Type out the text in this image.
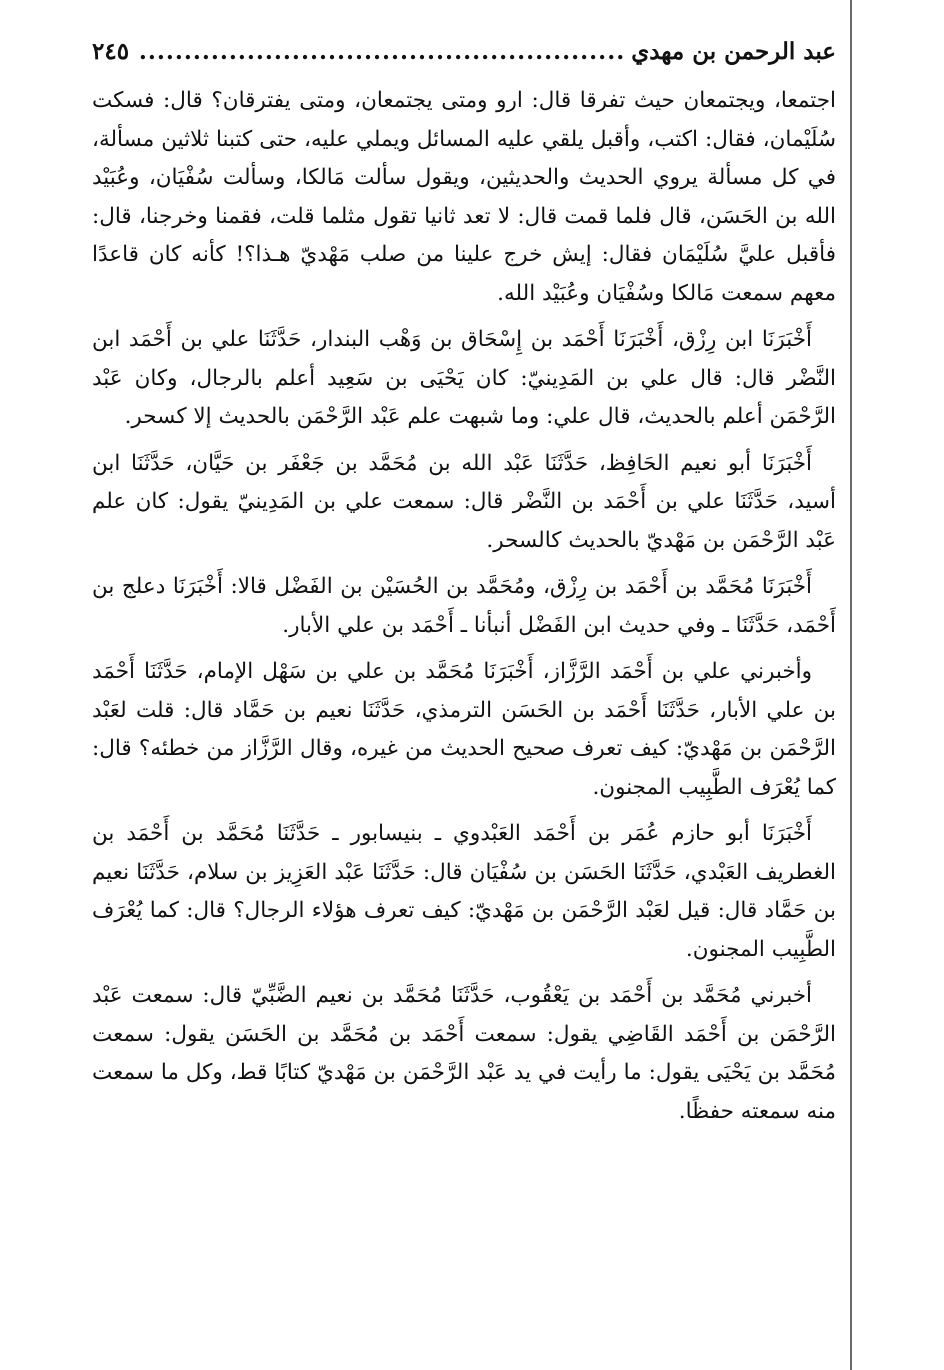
عبد الرحمن بن مهدي
......................................................
٢٤٥

اجتمعا، ويجتمعان حيث تفرقا قال: ارو ومتى يجتمعان، ومتى يفترقان؟ قال: فسكت سُلَيْمان، فقال: اكتب، وأقبل يلقي عليه المسائل ويملي عليه، حتى كتبنا ثلاثين مسألة، في كل مسألة يروي الحديث والحديثين، ويقول سألت مَالكا، وسألت سُفْيَان، وعُبَيْد الله بن الحَسَن، قال فلما قمت قال: لا تعد ثانيا تقول مثلما قلت، فقمنا وخرجنا، قال: فأقبل عليَّ سُلَيْمَان فقال: إيش خرج علينا من صلب مَهْديّ هـذا؟! كأنه كان قاعدًا معهم سمعت مَالكا وسُفْيَان وعُبَيْد الله.

أَخْبَرَنَا ابن رِزْق، أَخْبَرَنَا أَحْمَد بن إِسْحَاق بن وَهْب البندار، حَدَّثَنَا علي بن أَحْمَد ابن النَّضْر قال: قال علي بن المَدِينيّ: كان يَحْيَى بن سَعِيد أعلم بالرجال، وكان عَبْد الرَّحْمَن أعلم بالحديث، قال علي: وما شبهت علم عَبْد الرَّحْمَن بالحديث إلا كسحر.

أَخْبَرَنَا أبو نعيم الحَافِظ، حَدَّثَنَا عَبْد الله بن مُحَمَّد بن جَعْفَر بن حَيَّان، حَدَّثَنَا ابن أسيد، حَدَّثَنَا علي بن أَحْمَد بن النَّضْر قال: سمعت علي بن المَدِينيّ يقول: كان علم عَبْد الرَّحْمَن بن مَهْديّ بالحديث كالسحر.

أَخْبَرَنَا مُحَمَّد بن أَحْمَد بن رِزْق، ومُحَمَّد بن الحُسَيْن بن الفَضْل قالا: أَخْبَرَنَا دعلج بن أَحْمَد، حَدَّثَنَا ـ وفي حديث ابن الفَضْل أنبأنا ـ أَحْمَد بن علي الأبار.

وأخبرني علي بن أَحْمَد الرَّزَّاز، أَخْبَرَنَا مُحَمَّد بن علي بن سَهْل الإمام، حَدَّثَنَا أَحْمَد بن علي الأبار، حَدَّثَنَا أَحْمَد بن الحَسَن الترمذي، حَدَّثَنَا نعيم بن حَمَّاد قال: قلت لعَبْد الرَّحْمَن بن مَهْديّ: كيف تعرف صحيح الحديث من غيره، وقال الرَّزَّاز من خطئه؟ قال: كما يُعْرَف الطَّبِيب المجنون.

أَخْبَرَنَا أبو حازم عُمَر بن أَحْمَد العَبْدوي ـ بنيسابور ـ حَدَّثَنَا مُحَمَّد بن أَحْمَد بن الغطريف العَبْدي، حَدَّثَنَا الحَسَن بن سُفْيَان قال: حَدَّثَنَا عَبْد العَزِيز بن سلام، حَدَّثَنَا نعيم بن حَمَّاد قال: قيل لعَبْد الرَّحْمَن بن مَهْديّ: كيف تعرف هؤلاء الرجال؟ قال: كما يُعْرَف الطَّبِيب المجنون.

أخبرني مُحَمَّد بن أَحْمَد بن يَعْقُوب، حَدَّثَنَا مُحَمَّد بن نعيم الضَّبِّيّ قال: سمعت عَبْد الرَّحْمَن بن أَحْمَد القَاضِي يقول: سمعت أَحْمَد بن مُحَمَّد بن الحَسَن يقول: سمعت مُحَمَّد بن يَحْيَى يقول: ما رأيت في يد عَبْد الرَّحْمَن بن مَهْديّ كتابًا قط، وكل ما سمعت منه سمعته حفظًا.
